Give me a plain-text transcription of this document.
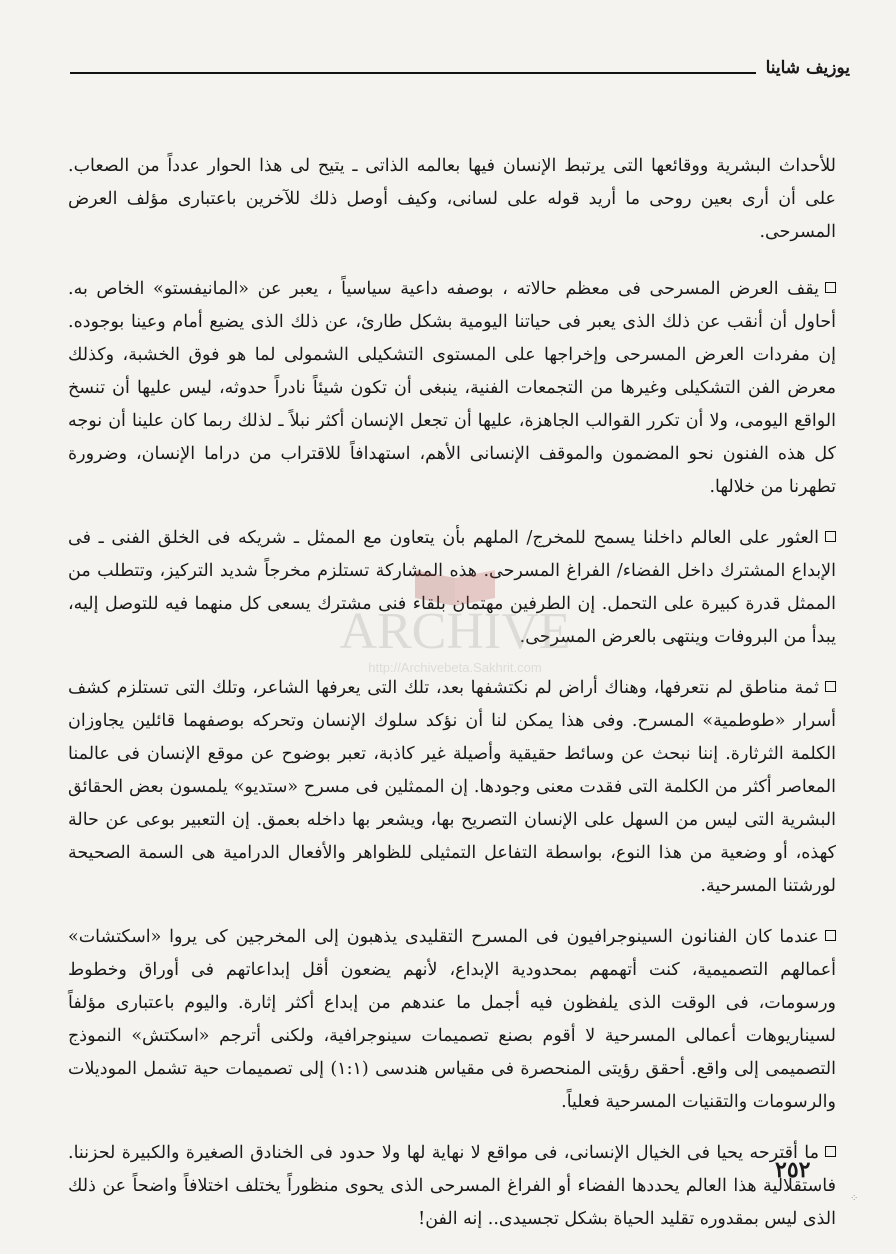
يوزيف شاينا

للأحداث البشرية ووقائعها التى يرتبط الإنسان فيها بعالمه الذاتى ـ يتيح لى هذا الحوار عدداً من الصعاب. على أن أرى بعين روحى ما أريد قوله على لسانى، وكيف أوصل ذلك للآخرين باعتبارى مؤلف العرض المسرحى.

يقف العرض المسرحى فى معظم حالاته ، بوصفه داعية سياسياً ، يعبر عن «المانيفستو» الخاص به. أحاول أن أنقب عن ذلك الذى يعبر فى حياتنا اليومية بشكل طارئ، عن ذلك الذى يضيع أمام وعينا بوجوده. إن مفردات العرض المسرحى وإخراجها على المستوى التشكيلى الشمولى لما هو فوق الخشبة، وكذلك معرض الفن التشكيلى وغيرها من التجمعات الفنية، ينبغى أن تكون شيئاً نادراً حدوثه، ليس عليها أن تنسخ الواقع اليومى، ولا أن تكرر القوالب الجاهزة، عليها أن تجعل الإنسان أكثر نبلاً ـ لذلك ربما كان علينا أن نوجه كل هذه الفنون نحو المضمون والموقف الإنسانى الأهم، استهدافاً للاقتراب من دراما الإنسان، وضرورة تطهرنا من خلالها.

العثور على العالم داخلنا يسمح للمخرج/ الملهم بأن يتعاون مع الممثل ـ شريكه فى الخلق الفنى ـ فى الإبداع المشترك داخل الفضاء/ الفراغ المسرحى. هذه المشاركة تستلزم مخرجاً شديد التركيز، وتتطلب من الممثل قدرة كبيرة على التحمل. إن الطرفين مهتمان بلقاء فنى مشترك يسعى كل منهما فيه للتوصل إليه، يبدأ من البروفات وينتهى بالعرض المسرحى.

ثمة مناطق لم نتعرفها، وهناك أراض لم نكتشفها بعد، تلك التى يعرفها الشاعر، وتلك التى تستلزم كشف أسرار «طوطمية» المسرح. وفى هذا يمكن لنا أن نؤكد سلوك الإنسان وتحركه بوصفهما قائلين يجاوزان الكلمة الثرثارة. إننا نبحث عن وسائط حقيقية وأصيلة غير كاذبة، تعبر بوضوح عن موقع الإنسان فى عالمنا المعاصر أكثر من الكلمة التى فقدت معنى وجودها. إن الممثلين فى مسرح «ستديو» يلمسون بعض الحقائق البشرية التى ليس من السهل على الإنسان التصريح بها، ويشعر بها داخله بعمق. إن التعبير بوعى عن حالة كهذه، أو وضعية من هذا النوع، بواسطة التفاعل التمثيلى للظواهر والأفعال الدرامية هى السمة الصحيحة لورشتنا المسرحية.

عندما كان الفنانون السينوجرافيون فى المسرح التقليدى يذهبون إلى المخرجين كى يروا «اسكتشات» أعمالهم التصميمية، كنت أتهمهم بمحدودية الإبداع، لأنهم يضعون أقل إبداعاتهم فى أوراق وخطوط ورسومات، فى الوقت الذى يلفظون فيه أجمل ما عندهم من إبداع أكثر إثارة. واليوم باعتبارى مؤلفاً لسيناريوهات أعمالى المسرحية لا أقوم بصنع تصميمات سينوجرافية، ولكنى أترجم «اسكتش» النموذج التصميمى إلى واقع. أحقق رؤيتى المنحصرة فى مقياس هندسى (١:١) إلى تصميمات حية تشمل الموديلات والرسومات والتقنيات المسرحية فعلياً.

ما أقترحه يحيا فى الخيال الإنسانى، فى مواقع لا نهاية لها ولا حدود فى الخنادق الصغيرة والكبيرة لحزننا. فاستقلالية هذا العالم يحددها الفضاء أو الفراغ المسرحى الذى يحوى منظوراً يختلف اختلافاً واضحاً عن ذلك الذى ليس بمقدوره تقليد الحياة بشكل تجسيدى.. إنه الفن!

ARCHIVE
http://Archivebeta.Sakhrit.com
٢٥٢
⁘
